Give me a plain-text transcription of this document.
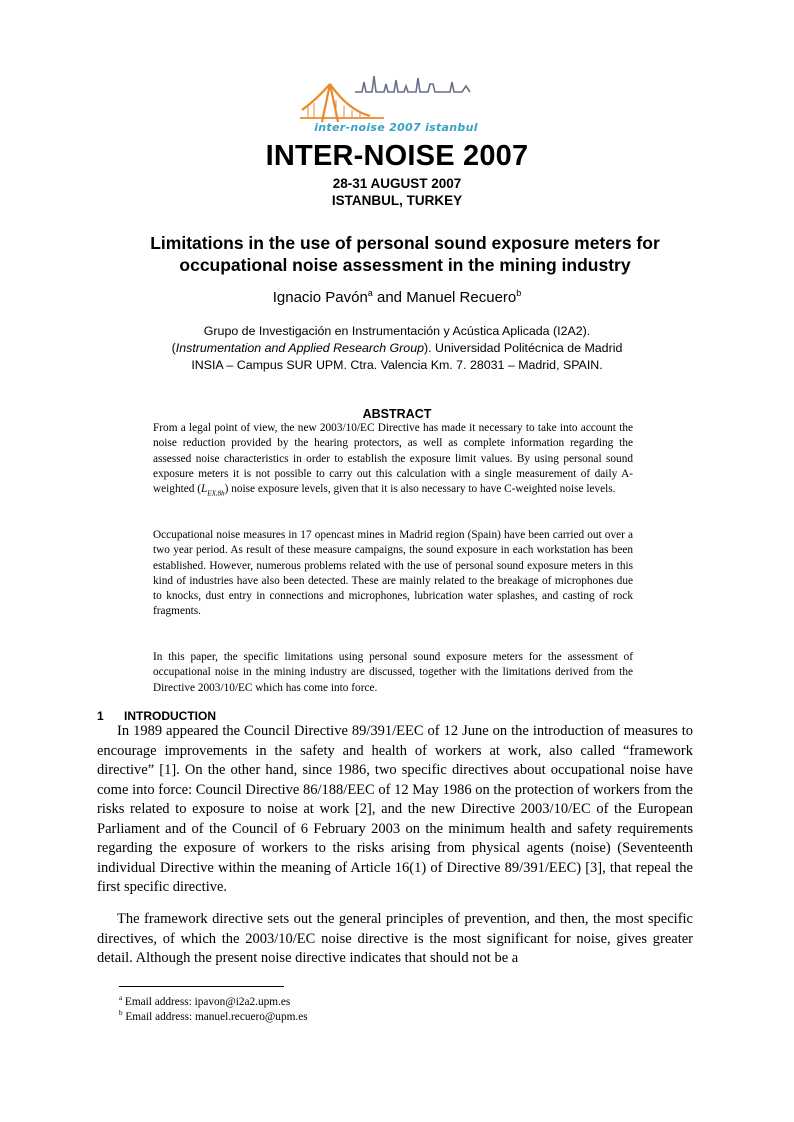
inter-noise 2007 istanbul
INTER-NOISE 2007
28-31 AUGUST 2007
ISTANBUL, TURKEY
Limitations in the use of personal sound exposure meters for
occupational noise assessment in the mining industry
Ignacio Pavón$^a$ and Manuel Recuero$^b$
Grupo de Investigación en Instrumentación y Acústica Aplicada (I2A2).
(Instrumentation and Applied Research Group). Universidad Politécnica de Madrid
INSIA – Campus SUR UPM. Ctra. Valencia Km. 7. 28031 – Madrid, SPAIN.
ABSTRACT
From a legal point of view, the new 2003/10/EC Directive has made it necessary to take into account the noise reduction provided by the hearing protectors, as well as complete information regarding the assessed noise characteristics in order to establish the exposure limit values. By using personal sound exposure meters it is not possible to carry out this calculation with a single measurement of daily A-weighted $(L_{EX,8h})$ noise exposure levels, given that it is also necessary to have C-weighted noise levels.
Occupational noise measures in 17 opencast mines in Madrid region (Spain) have been carried out over a two year period. As result of these measure campaigns, the sound exposure in each workstation has been established. However, numerous problems related with the use of personal sound exposure meters in this kind of industries have also been detected. These are mainly related to the breakage of microphones due to knocks, dust entry in connections and microphones, lubrication water splashes, and casting of rock fragments.
In this paper, the specific limitations using personal sound exposure meters for the assessment of occupational noise in the mining industry are discussed, together with the limitations derived from the Directive 2003/10/EC which has come into force.
1 INTRODUCTION
In 1989 appeared the Council Directive 89/391/EEC of 12 June on the introduction of measures to encourage improvements in the safety and health of workers at work, also called “framework directive” [1]. On the other hand, since 1986, two specific directives about occupational noise have come into force: Council Directive 86/188/EEC of 12 May 1986 on the protection of workers from the risks related to exposure to noise at work [2], and the new Directive 2003/10/EC of the European Parliament and of the Council of 6 February 2003 on the minimum health and safety requirements regarding the exposure of workers to the risks arising from physical agents (noise) (Seventeenth individual Directive within the meaning of Article 16(1) of Directive 89/391/EEC) [3], that repeal the first specific directive.
The framework directive sets out the general principles of prevention, and then, the most specific directives, of which the 2003/10/EC noise directive is the most significant for noise, gives greater detail. Although the present noise directive indicates that should not be a
$^a$ Email address: ipavon@i2a2.upm.es
$^b$ Email address: manuel.recuero@upm.es
